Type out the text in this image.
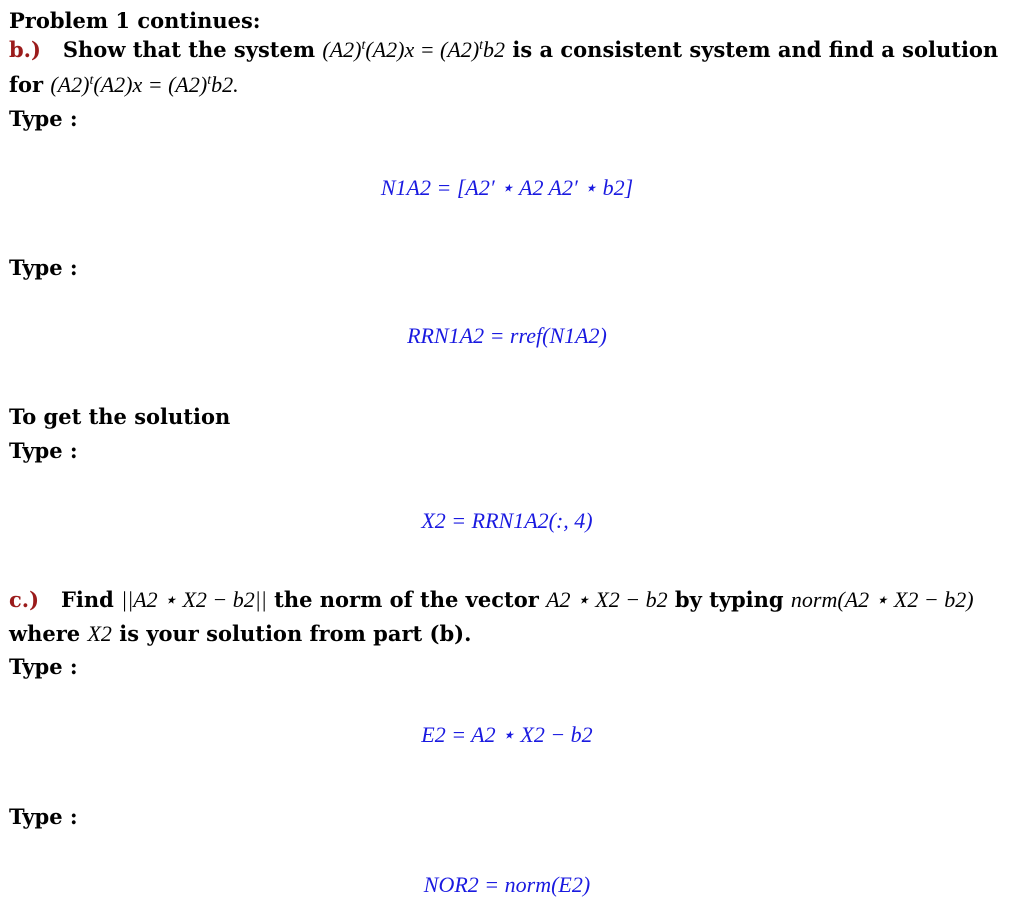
Problem 1 continues:
b.) Show that the system $(A2)^t(A2)x = (A2)^tb2$ is a consistent system and find a solution
for $(A2)^t(A2)x = (A2)^tb2$.
Type :
N1A2 = [A2′ ⋆ A2 A2′ ⋆ b2]
Type :
RRN1A2 = rref(N1A2)
To get the solution
Type :
X2 = RRN1A2(:, 4)
c.) Find ||A2 ⋆ X2 − b2|| the norm of the vector A2 ⋆ X2 − b2 by typing norm(A2 ⋆ X2 − b2)
where X2 is your solution from part (b).
Type :
E2 = A2 ⋆ X2 − b2
Type :
NOR2 = norm(E2)
